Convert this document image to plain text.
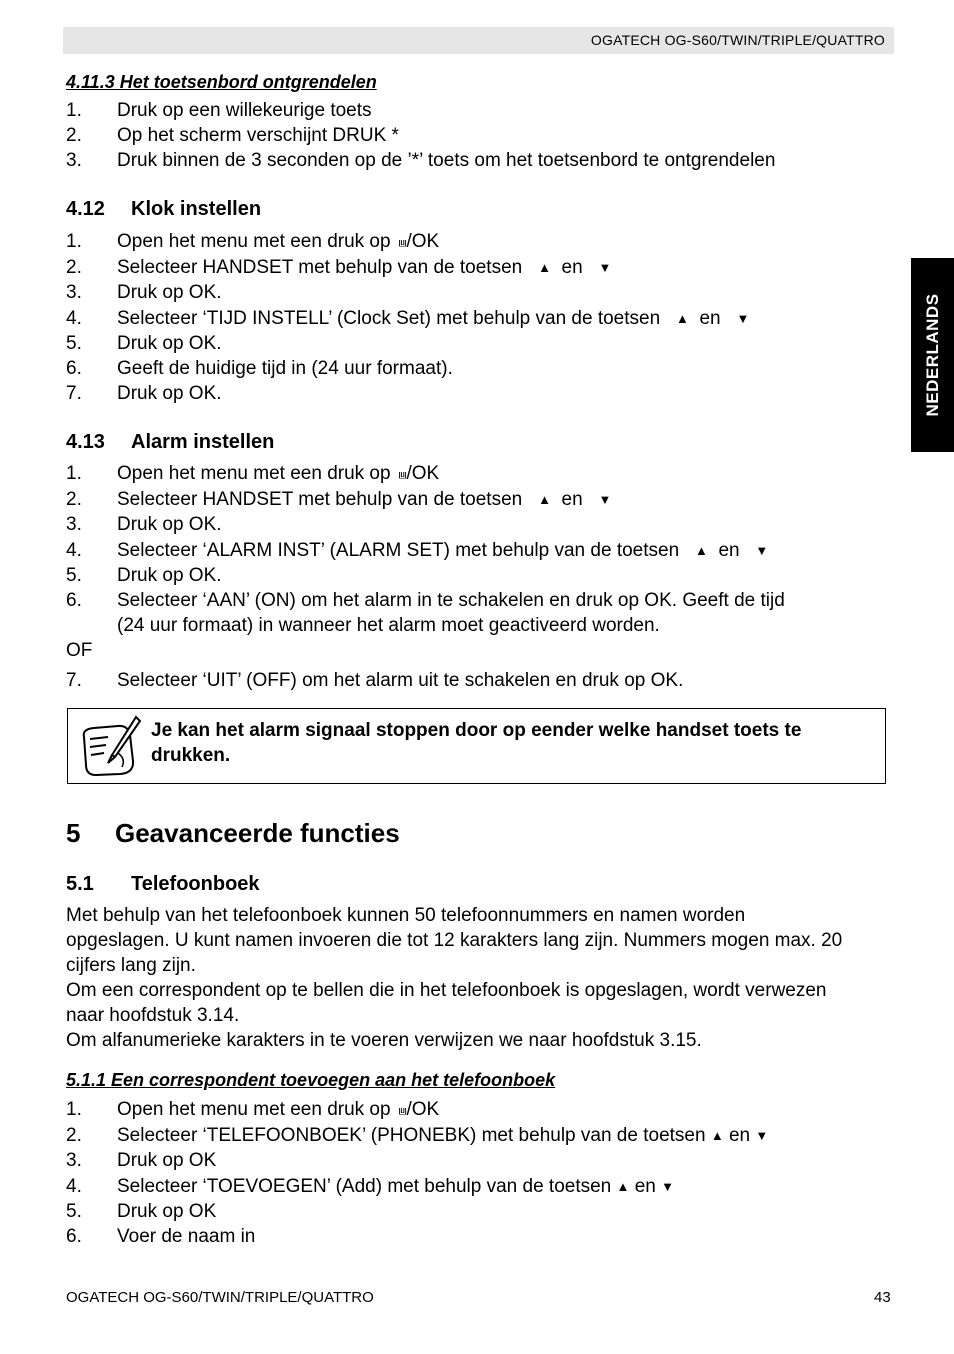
OGATECH OG-S60/TWIN/TRIPLE/QUATTRO
NEDERLANDS
4.11.3 Het toetsenbord ontgrendelen
1. Druk op een willekeurige toets
2. Op het scherm verschijnt DRUK *
3. Druk binnen de 3 seconden op de ’*’ toets om het toetsenbord te ontgrendelen
4.12 Klok instellen
1. Open het menu met een druk op ⩏/OK
2. Selecteer HANDSET met behulp van de toetsen ▲ en ▼
3. Druk op OK.
4. Selecteer ‘TIJD INSTELL’ (Clock Set) met behulp van de toetsen ▲ en ▼
5. Druk op OK.
6. Geeft de huidige tijd in (24 uur formaat).
7. Druk op OK.
4.13 Alarm instellen
1. Open het menu met een druk op ⩏/OK
2. Selecteer HANDSET met behulp van de toetsen ▲ en ▼
3. Druk op OK.
4. Selecteer ‘ALARM INST’ (ALARM SET) met behulp van de toetsen ▲ en ▼
5. Druk op OK.
6. Selecteer ‘AAN’ (ON) om het alarm in te schakelen en druk op OK. Geeft de tijd
(24 uur formaat) in wanneer het alarm moet geactiveerd worden.
OF
7. Selecteer ‘UIT’ (OFF) om het alarm uit te schakelen en druk op OK.
Je kan het alarm signaal stoppen door op eender welke handset toets te
drukken.
5 Geavanceerde functies
5.1 Telefoonboek
Met behulp van het telefoonboek kunnen 50 telefoonnummers en namen worden
opgeslagen. U kunt namen invoeren die tot 12 karakters lang zijn. Nummers mogen max. 20
cijfers lang zijn.
Om een correspondent op te bellen die in het telefoonboek is opgeslagen, wordt verwezen
naar hoofdstuk 3.14.
Om alfanumerieke karakters in te voeren verwijzen we naar hoofdstuk 3.15.
5.1.1 Een correspondent toevoegen aan het telefoonboek
1. Open het menu met een druk op ⩏/OK
2. Selecteer ‘TELEFOONBOEK’ (PHONEBK) met behulp van de toetsen ▲ en ▼
3. Druk op OK
4. Selecteer ‘TOEVOEGEN’ (Add) met behulp van de toetsen ▲ en ▼
5. Druk op OK
6. Voer de naam in
OGATECH OG-S60/TWIN/TRIPLE/QUATTRO	43
